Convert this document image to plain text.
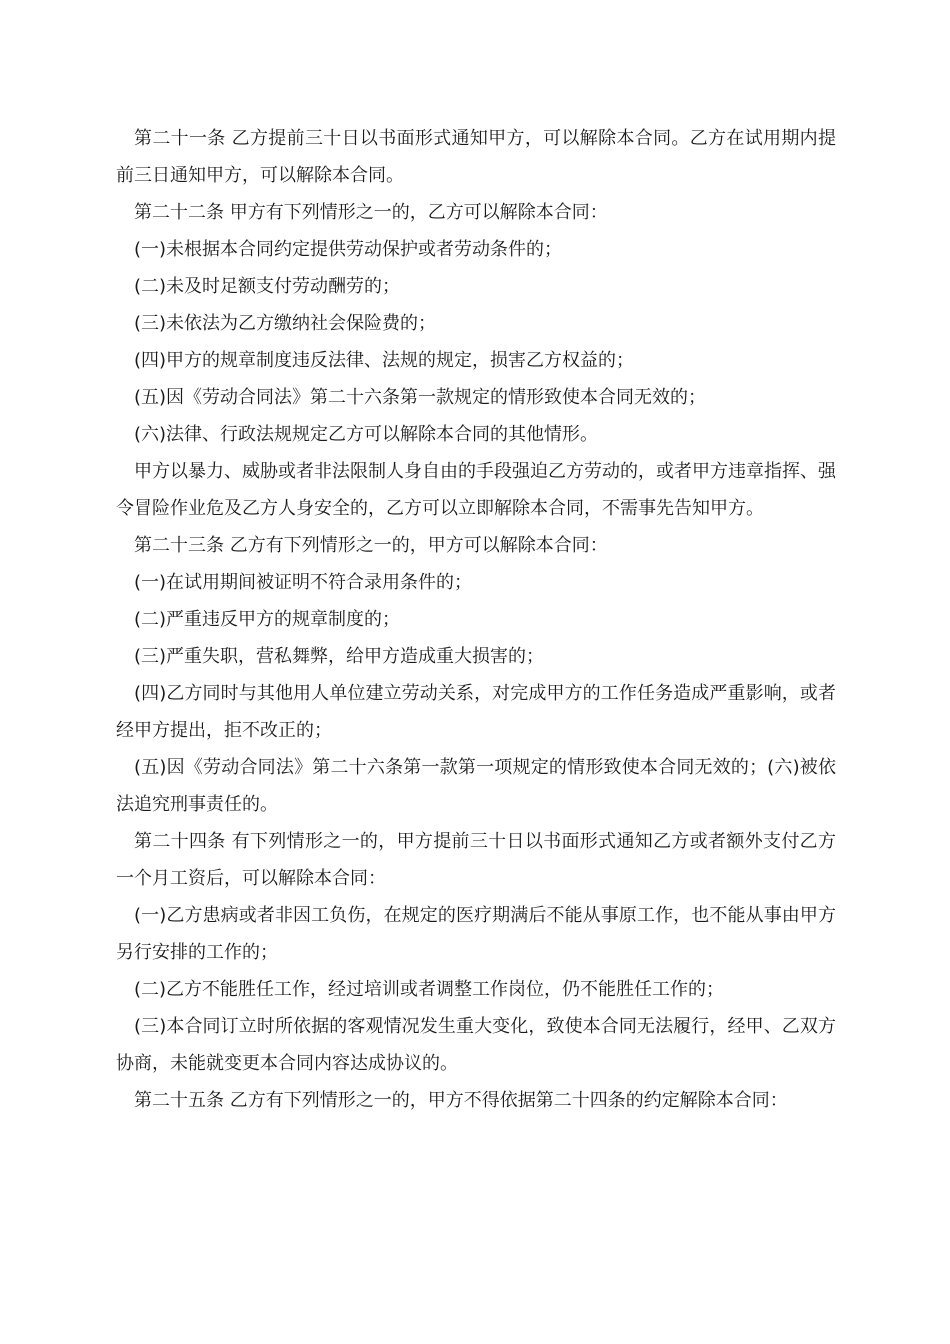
第二十一条 乙方提前三十日以书面形式通知甲方，可以解除本合同。乙方在试用期内提前三日通知甲方，可以解除本合同。

第二十二条 甲方有下列情形之一的，乙方可以解除本合同：

(一)未根据本合同约定提供劳动保护或者劳动条件的；

(二)未及时足额支付劳动酬劳的；

(三)未依法为乙方缴纳社会保险费的；

(四)甲方的规章制度违反法律、法规的规定，损害乙方权益的；

(五)因《劳动合同法》第二十六条第一款规定的情形致使本合同无效的；

(六)法律、行政法规规定乙方可以解除本合同的其他情形。

甲方以暴力、威胁或者非法限制人身自由的手段强迫乙方劳动的，或者甲方违章指挥、强令冒险作业危及乙方人身安全的，乙方可以立即解除本合同，不需事先告知甲方。

第二十三条 乙方有下列情形之一的，甲方可以解除本合同：

(一)在试用期间被证明不符合录用条件的；

(二)严重违反甲方的规章制度的；

(三)严重失职，营私舞弊，给甲方造成重大损害的；

(四)乙方同时与其他用人单位建立劳动关系，对完成甲方的工作任务造成严重影响，或者经甲方提出，拒不改正的；

(五)因《劳动合同法》第二十六条第一款第一项规定的情形致使本合同无效的；(六)被依法追究刑事责任的。

第二十四条 有下列情形之一的，甲方提前三十日以书面形式通知乙方或者额外支付乙方一个月工资后，可以解除本合同：

(一)乙方患病或者非因工负伤，在规定的医疗期满后不能从事原工作，也不能从事由甲方另行安排的工作的；

(二)乙方不能胜任工作，经过培训或者调整工作岗位，仍不能胜任工作的；

(三)本合同订立时所依据的客观情况发生重大变化，致使本合同无法履行，经甲、乙双方协商，未能就变更本合同内容达成协议的。

第二十五条 乙方有下列情形之一的，甲方不得依据第二十四条的约定解除本合同：
